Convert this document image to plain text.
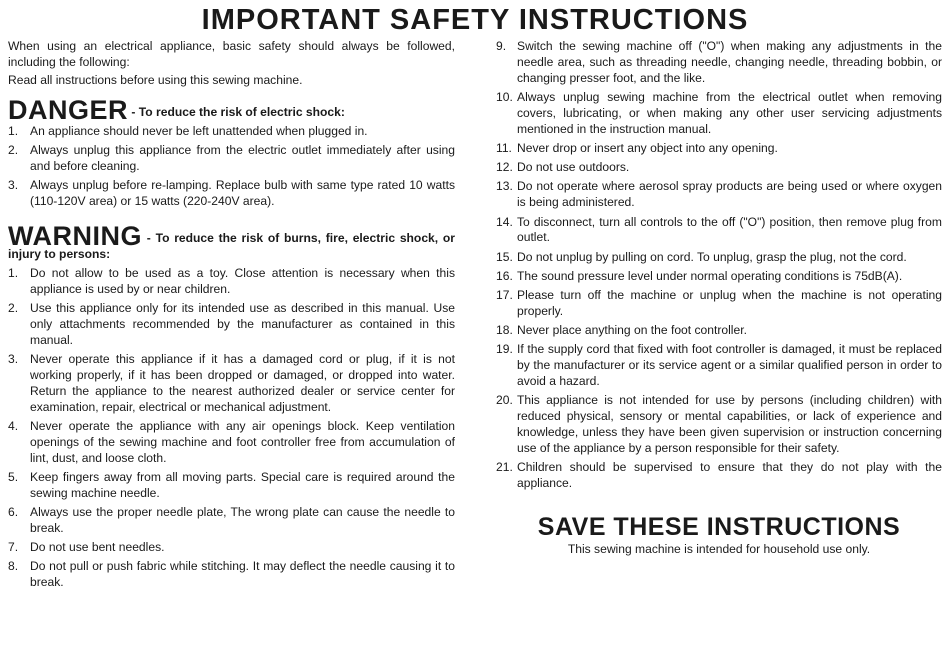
IMPORTANT SAFETY INSTRUCTIONS

When using an electrical appliance, basic safety should always be followed, including the following:

Read all instructions before using this sewing machine.

DANGER - To reduce the risk of electric shock:

1. An appliance should never be left unattended when plugged in.
2. Always unplug this appliance from the electric outlet immediately after using and before cleaning.
3. Always unplug before re-lamping. Replace bulb with same type rated 10 watts (110-120V area) or 15 watts (220-240V area).

WARNING - To reduce the risk of burns, fire, electric shock, or injury to persons:

1. Do not allow to be used as a toy. Close attention is necessary when this appliance is used by or near children.
2. Use this appliance only for its intended use as described in this manual. Use only attachments recommended by the manufacturer as contained in this manual.
3. Never operate this appliance if it has a damaged cord or plug, if it is not working properly, if it has been dropped or damaged, or dropped into water. Return the appliance to the nearest authorized dealer or service center for examination, repair, electrical or mechanical adjustment.
4. Never operate the appliance with any air openings block. Keep ventilation openings of the sewing machine and foot controller free from accumulation of lint, dust, and loose cloth.
5. Keep fingers away from all moving parts. Special care is required around the sewing machine needle.
6. Always use the proper needle plate, The wrong plate can cause the needle to break.
7. Do not use bent needles.
8. Do not pull or push fabric while stitching. It may deflect the needle causing it to break.
9. Switch the sewing machine off ("O") when making any adjustments in the needle area, such as threading needle, changing needle, threading bobbin, or changing presser foot, and the like.
10. Always unplug sewing machine from the electrical outlet when removing covers, lubricating, or when making any other user servicing adjustments mentioned in the instruction manual.
11. Never drop or insert any object into any opening.
12. Do not use outdoors.
13. Do not operate where aerosol spray products are being used or where oxygen is being administered.
14. To disconnect, turn all controls to the off ("O") position, then remove plug from outlet.
15. Do not unplug by pulling on cord. To unplug, grasp the plug, not the cord.
16. The sound pressure level under normal operating conditions is 75dB(A).
17. Please turn off the machine or unplug when the machine is not operating properly.
18. Never place anything on the foot controller.
19. If the supply cord that fixed with foot controller is damaged, it must be replaced by the manufacturer or its service agent or a similar qualified person in order to avoid a hazard.
20. This appliance is not intended for use by persons (including children) with reduced physical, sensory or mental capabilities, or lack of experience and knowledge, unless they have been given supervision or instruction concerning use of the appliance by a person responsible for their safety.
21. Children should be supervised to ensure that they do not play with the appliance.
SAVE THESE INSTRUCTIONS

This sewing machine is intended for household use only.
